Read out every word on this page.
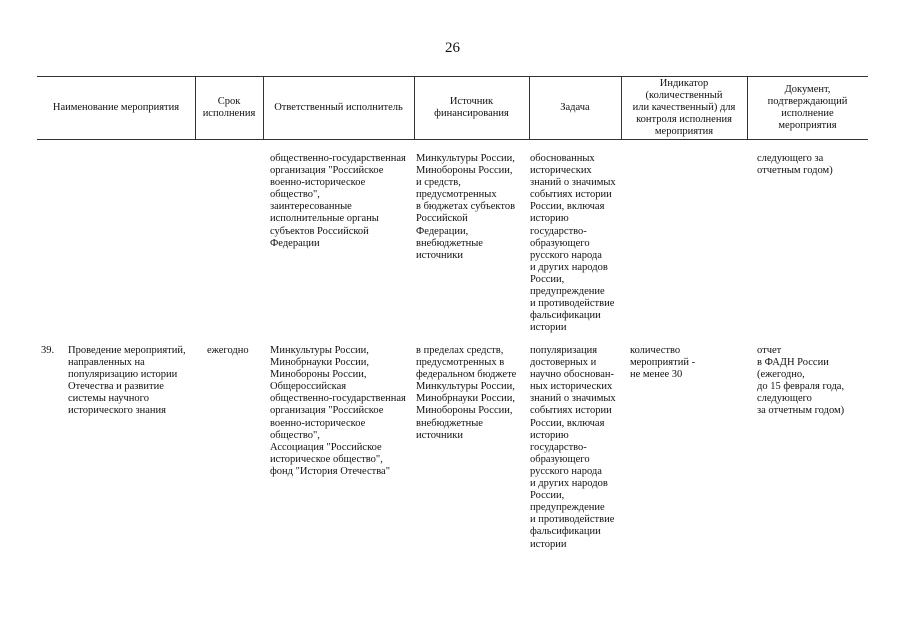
26
Наименование мероприятия
Срок
исполнения
Ответственный исполнитель
Источник
финансирования
Задача
Индикатор
(количественный
или качественный) для
контроля исполнения
мероприятия
Документ,
подтверждающий
исполнение
мероприятия
общественно-государственная
организация "Российское
военно-историческое
общество",
заинтересованные
исполнительные органы
субъектов Российской
Федерации
Минкультуры России,
Минобороны России,
и средств,
предусмотренных
в бюджетах субъектов
Российской
Федерации,
внебюджетные
источники
обоснованных
исторических
знаний о значимых
событиях истории
России, включая
историю
государство-
образующего
русского народа
и других народов
России,
предупреждение
и противодействие
фальсификации
истории
следующего за
отчетным годом)
39. Проведение мероприятий,
направленных на
популяризацию истории
Отечества и развитие
системы научного
исторического знания
ежегодно Минкультуры России,
Минобрнауки России,
Минобороны России,
Общероссийская
общественно-государственная
организация "Российское
военно-историческое
общество",
Ассоциация "Российское
историческое общество",
фонд "История Отечества"
в пределах средств,
предусмотренных в
федеральном бюджете
Минкультуры России,
Минобрнауки России,
Минобороны России,
внебюджетные
источники
популяризация
достоверных и
научно обоснован-
ных исторических
знаний о значимых
событиях истории
России, включая
историю
государство-
образующего
русского народа
и других народов
России,
предупреждение
и противодействие
фальсификации
истории
количество
мероприятий -
не менее 30
отчет
в ФАДН России
(ежегодно,
до 15 февраля года,
следующего
за отчетным годом)
